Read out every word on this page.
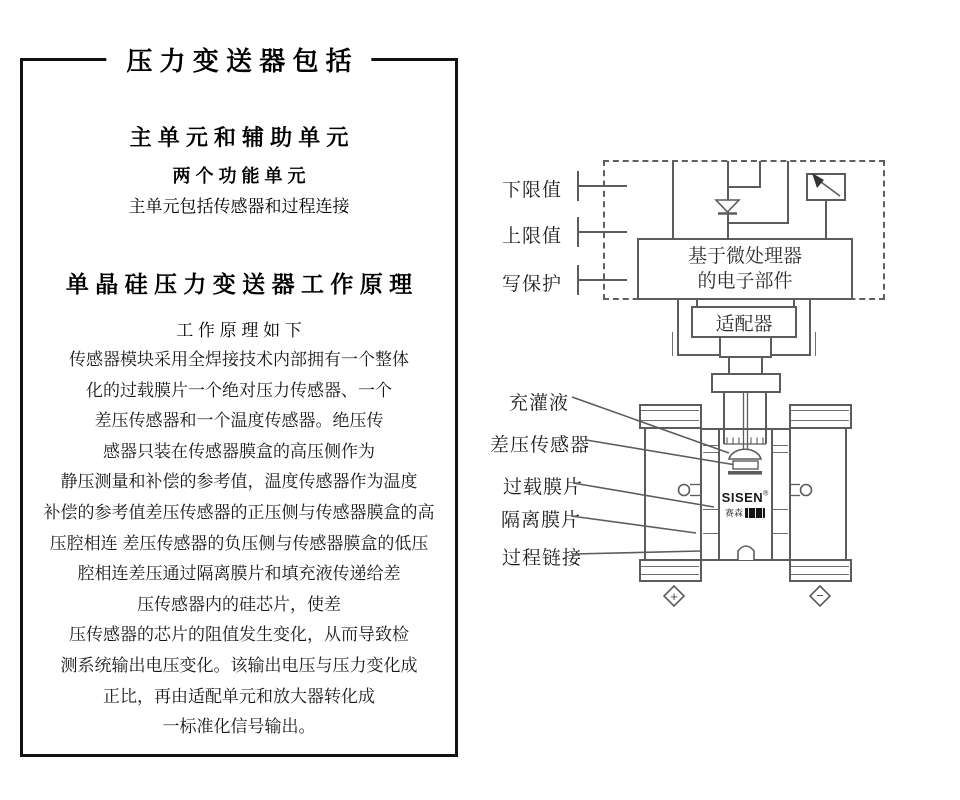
压 力 变 送 器 包 括
主 单 元 和 辅 助 单 元
两 个 功 能 单 元
主单元包括传感器和过程连接
单 晶 硅 压 力 变 送 器 工 作 原 理
工 作 原 理 如 下
传感器模块采用全焊接技术内部拥有一个整体
化的过载膜片一个绝对压力传感器、一个
差压传感器和一个温度传感器。绝压传
感器只装在传感器膜盒的高压侧作为
静压测量和补偿的参考值，温度传感器作为温度
补偿的参考值差压传感器的正压侧与传感器膜盒的高
压腔相连 差压传感器的负压侧与传感器膜盒的低压
腔相连差压通过隔离膜片和填充液传递给差
压传感器内的硅芯片，使差
压传感器的芯片的阻值发生变化，从而导致检
测系统输出电压变化。该输出电压与压力变化成
正比，再由适配单元和放大器转化成
一标准化信号输出。
下限值
上限值
写保护
基于微处理器
的电子部件
适配器
SISEN®
赛森
充灌液
差压传感器
过载膜片
隔离膜片
过程链接
+	−
